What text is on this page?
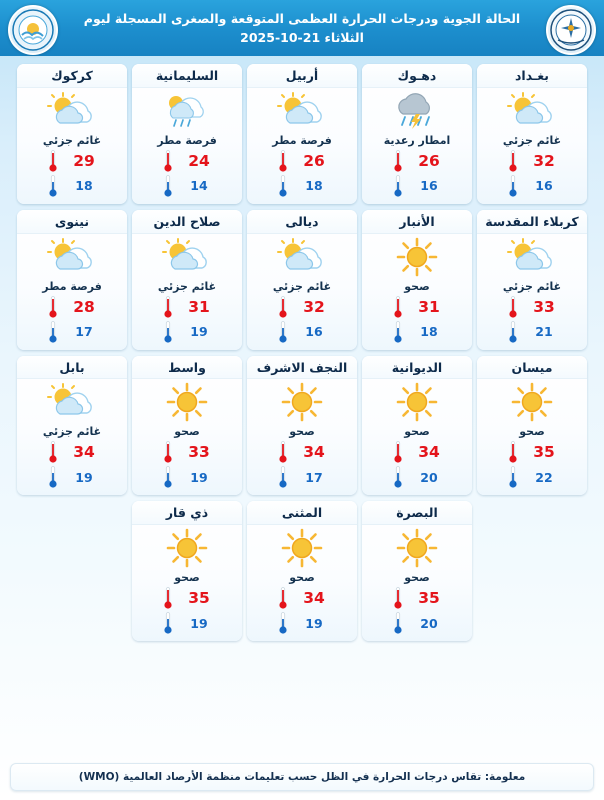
الحالة الجوية ودرجات الحرارة العظمى المتوقعة والصغرى المسجلة ليوم الثلاثاء 21-10-2025
بغـداد
غائم جزئي
32
16
دهـوك
امطار رعدية
26
16
أربيل
فرصة مطر
26
18
السليمانية
فرصة مطر
24
14
كركوك
غائم جزئي
29
18
كربلاء المقدسة
غائم جزئي
33
21
الأنبار
صحو
31
18
ديالى
غائم جزئي
32
16
صلاح الدين
غائم جزئي
31
19
نينوى
فرصة مطر
28
17
ميسان
صحو
35
22
الديوانية
صحو
34
20
النجف الاشرف
صحو
34
17
واسط
صحو
33
19
بابل
غائم جزئي
34
19
البصرة
صحو
35
20
المثنى
صحو
34
19
ذي قار
صحو
35
19
معلومة: تقاس درجات الحرارة في الظل حسب تعليمات منظمة الأرصاد العالمية (WMO)
